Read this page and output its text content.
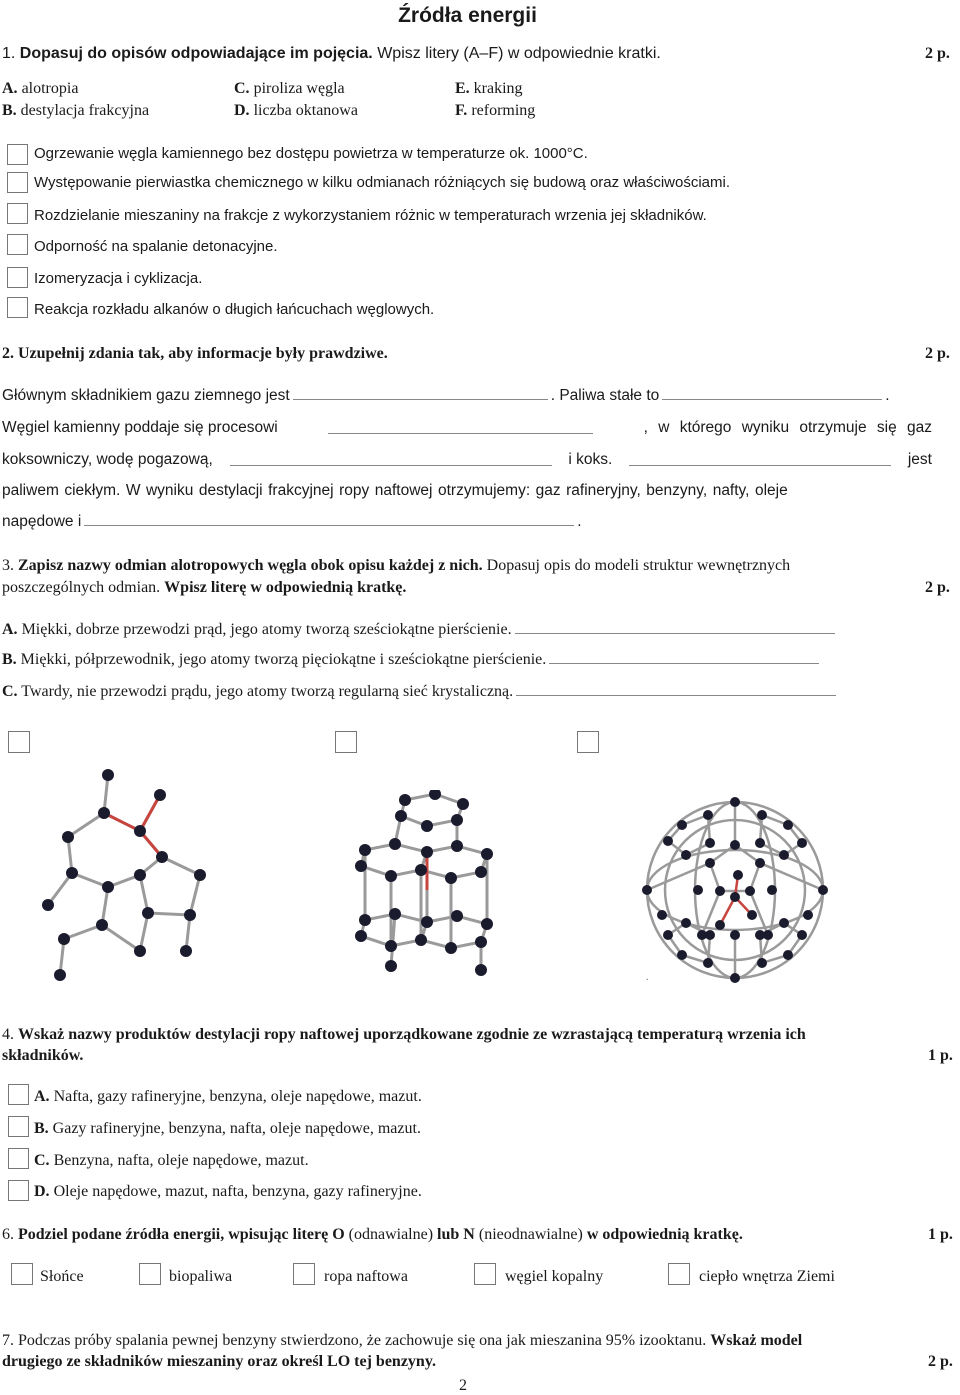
Źródła energii
1. Dopasuj do opisów odpowiadające im pojęcia. Wpisz litery (A–F) w odpowiednie kratki.	2 p.
A. alotropia
B. destylacja frakcyjna
C. piroliza węgla
D. liczba oktanowa
E. kraking
F. reforming
Ogrzewanie węgla kamiennego bez dostępu powietrza w temperaturze ok. 1000°C.
Występowanie pierwiastka chemicznego w kilku odmianach różniących się budową oraz właściwościami.
Rozdzielanie mieszaniny na frakcje z wykorzystaniem różnic w temperaturach wrzenia jej składników.
Odporność na spalanie detonacyjne.
Izomeryzacja i cyklizacja.
Reakcja rozkładu alkanów o długich łańcuchach węglowych.
2. Uzupełnij zdania tak, aby informacje były prawdziwe.	2 p.
Głównym składnikiem gazu ziemnego jest	. Paliwa stałe to	.
Węgiel kamienny poddaje się procesowi	, w którego wyniku otrzymuje się gaz
koksowniczy, wodę pogazową,	i koks.	jest
paliwem ciekłym. W wyniku destylacji frakcyjnej ropy naftowej otrzymujemy: gaz rafineryjny, benzyny, nafty, oleje
napędowe i	.
3. Zapisz nazwy odmian alotropowych węgla obok opisu każdej z nich. Dopasuj opis do modeli struktur wewnętrznych
poszczególnych odmian. Wpisz literę w odpowiednią kratkę.	2 p.
A. Miękki, dobrze przewodzi prąd, jego atomy tworzą sześciokątne pierścienie.
B. Miękki, półprzewodnik, jego atomy tworzą pięciokątne i sześciokątne pierścienie.
C. Twardy, nie przewodzi prądu, jego atomy tworzą regularną sieć krystaliczną.
.
4. Wskaż nazwy produktów destylacji ropy naftowej uporządkowane zgodnie ze wzrastającą temperaturą wrzenia ich
składników.	1 p.
A. Nafta, gazy rafineryjne, benzyna, oleje napędowe, mazut.
B. Gazy rafineryjne, benzyna, nafta, oleje napędowe, mazut.
C. Benzyna, nafta, oleje napędowe, mazut.
D. Oleje napędowe, mazut, nafta, benzyna, gazy rafineryjne.
6. Podziel podane źródła energii, wpisując literę O (odnawialne) lub N (nieodnawialne) w odpowiednią kratkę.	1 p.
Słońce	biopaliwa	ropa naftowa	węgiel kopalny	ciepło wnętrza Ziemi
7. Podczas próby spalania pewnej benzyny stwierdzono, że zachowuje się ona jak mieszanina 95% izooktanu. Wskaż model
drugiego ze składników mieszaniny oraz określ LO tej benzyny.	2 p.
2
